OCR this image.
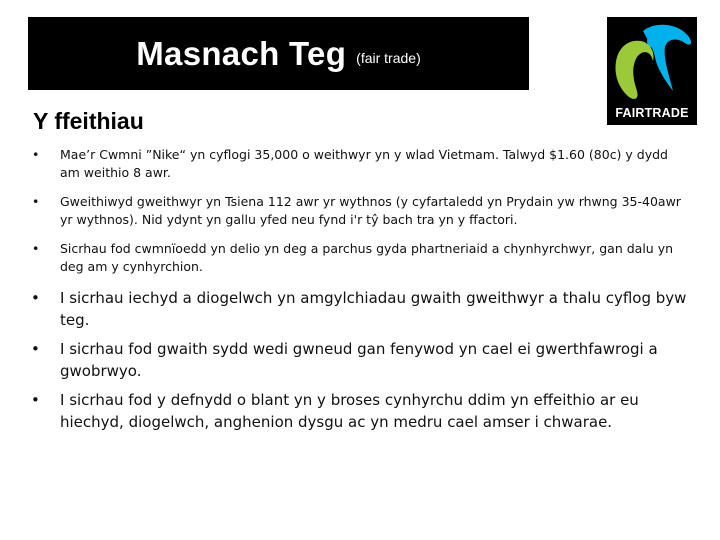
Masnach Teg (fair trade)
FAIRTRADE
Y ffeithiau
• Mae’r Cwmni ”Nike“ yn cyflogi 35,000 o weithwyr yn y wlad Vietmam. Talwyd $1.60 (80c) y dydd am weithio 8 awr.
• Gweithiwyd gweithwyr yn Tsiena 112 awr yr wythnos (y cyfartaledd yn Prydain yw rhwng 35-40awr yr wythnos). Nid ydynt yn gallu yfed neu fynd i'r tŷ bach tra yn y ffactori.
• Sicrhau fod cwmnïoedd yn delio yn deg a parchus gyda phartneriaid a chynhyrchwyr, gan dalu yn deg am y cynhyrchion.
• I sicrhau iechyd a diogelwch yn amgylchiadau gwaith gweithwyr a thalu cyflog byw teg.
• I sicrhau fod gwaith sydd wedi gwneud gan fenywod yn cael ei gwerthfawrogi a gwobrwyo.
• I sicrhau fod y defnydd o blant yn y broses cynhyrchu ddim yn effeithio ar eu hiechyd, diogelwch, anghenion dysgu ac yn medru cael amser i chwarae.
